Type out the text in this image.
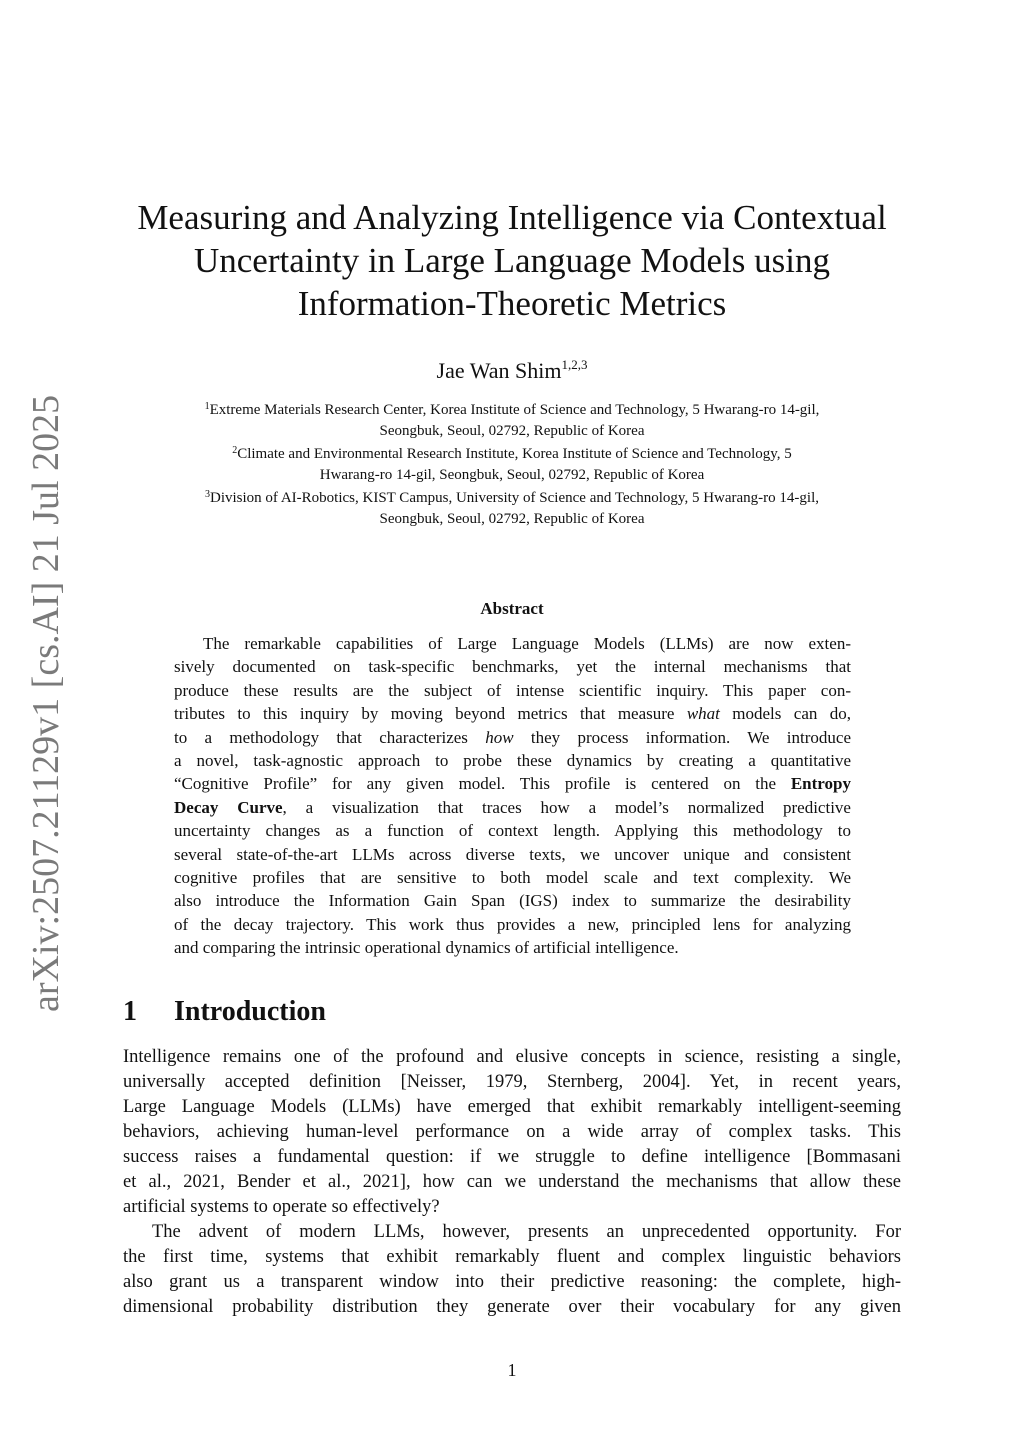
arXiv:2507.21129v1 [cs.AI] 21 Jul 2025
Measuring and Analyzing Intelligence via Contextual
Uncertainty in Large Language Models using
Information-Theoretic Metrics
Jae Wan Shim$^{1,2,3}$
$^1$Extreme Materials Research Center, Korea Institute of Science and Technology, 5 Hwarang-ro 14-gil,
Seongbuk, Seoul, 02792, Republic of Korea
$^2$Climate and Environmental Research Institute, Korea Institute of Science and Technology, 5
Hwarang-ro 14-gil, Seongbuk, Seoul, 02792, Republic of Korea
$^3$Division of AI-Robotics, KIST Campus, University of Science and Technology, 5 Hwarang-ro 14-gil,
Seongbuk, Seoul, 02792, Republic of Korea
Abstract
The remarkable capabilities of Large Language Models (LLMs) are now exten-
sively documented on task-specific benchmarks, yet the internal mechanisms that
produce these results are the subject of intense scientific inquiry. This paper con-
tributes to this inquiry by moving beyond metrics that measure what models can do,
to a methodology that characterizes how they process information. We introduce
a novel, task-agnostic approach to probe these dynamics by creating a quantitative
“Cognitive Profile” for any given model. This profile is centered on the Entropy
Decay Curve, a visualization that traces how a model’s normalized predictive
uncertainty changes as a function of context length. Applying this methodology to
several state-of-the-art LLMs across diverse texts, we uncover unique and consistent
cognitive profiles that are sensitive to both model scale and text complexity. We
also introduce the Information Gain Span (IGS) index to summarize the desirability
of the decay trajectory. This work thus provides a new, principled lens for analyzing
and comparing the intrinsic operational dynamics of artificial intelligence.
1 Introduction
Intelligence remains one of the profound and elusive concepts in science, resisting a single,
universally accepted definition [Neisser, 1979, Sternberg, 2004]. Yet, in recent years,
Large Language Models (LLMs) have emerged that exhibit remarkably intelligent-seeming
behaviors, achieving human-level performance on a wide array of complex tasks. This
success raises a fundamental question: if we struggle to define intelligence [Bommasani
et al., 2021, Bender et al., 2021], how can we understand the mechanisms that allow these
artificial systems to operate so effectively?
The advent of modern LLMs, however, presents an unprecedented opportunity. For
the first time, systems that exhibit remarkably fluent and complex linguistic behaviors
also grant us a transparent window into their predictive reasoning: the complete, high-
dimensional probability distribution they generate over their vocabulary for any given
1
